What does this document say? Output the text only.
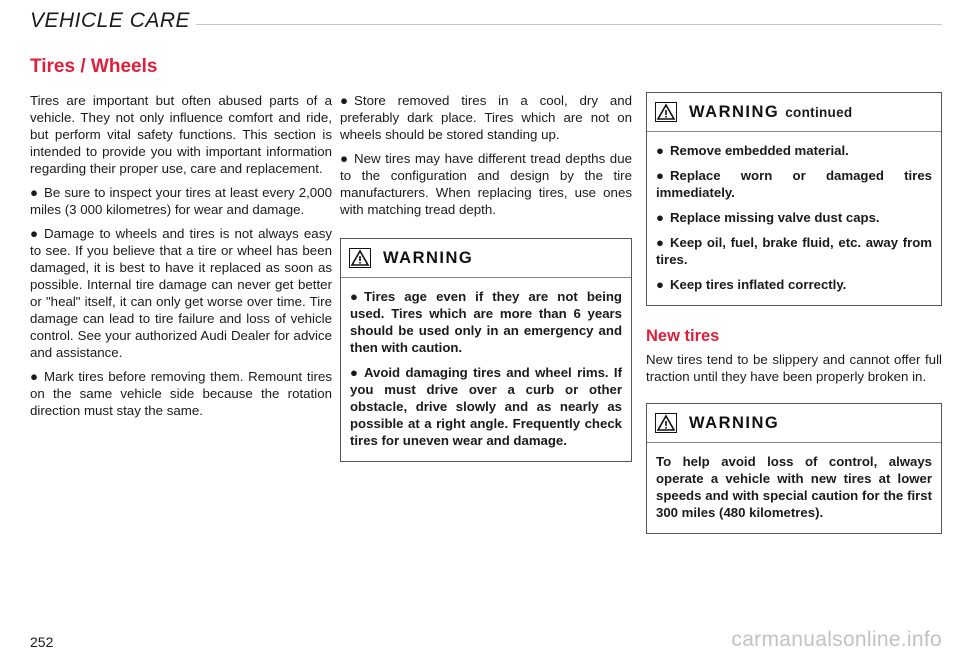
VEHICLE CARE
Tires / Wheels

Tires are important but often abused parts of a vehicle. They not only influence comfort and ride, but perform vital safety functions. This section is intended to provide you with important information regarding their proper use, care and replacement.

● Be sure to inspect your tires at least every 2,000 miles (3 000 kilometres) for wear and damage.

● Damage to wheels and tires is not always easy to see. If you believe that a tire or wheel has been damaged, it is best to have it replaced as soon as possible. Internal tire damage can never get better or "heal" itself, it can only get worse over time. Tire damage can lead to tire failure and loss of vehicle control. See your authorized Audi Dealer for advice and assistance.

● Mark tires before removing them. Remount tires on the same vehicle side because the rotation direction must stay the same.

● Store removed tires in a cool, dry and preferably dark place. Tires which are not on wheels should be stored standing up.

● New tires may have different tread depths due to the configuration and design by the tire manufacturers. When replacing tires, use ones with matching tread depth.

WARNING

● Tires age even if they are not being used. Tires which are more than 6 years should be used only in an emergency and then with caution.

● Avoid damaging tires and wheel rims. If you must drive over a curb or other obstacle, drive slowly and as nearly as possible at a right angle. Frequently check tires for uneven wear and damage.

WARNING continued

● Remove embedded material.

● Replace worn or damaged tires immediately.

● Replace missing valve dust caps.

● Keep oil, fuel, brake fluid, etc. away from tires.

● Keep tires inflated correctly.

New tires

New tires tend to be slippery and cannot offer full traction until they have been properly broken in.

WARNING

To help avoid loss of control, always operate a vehicle with new tires at lower speeds and with special caution for the first 300 miles (480 kilometres).

252	carmanualsonline.info
